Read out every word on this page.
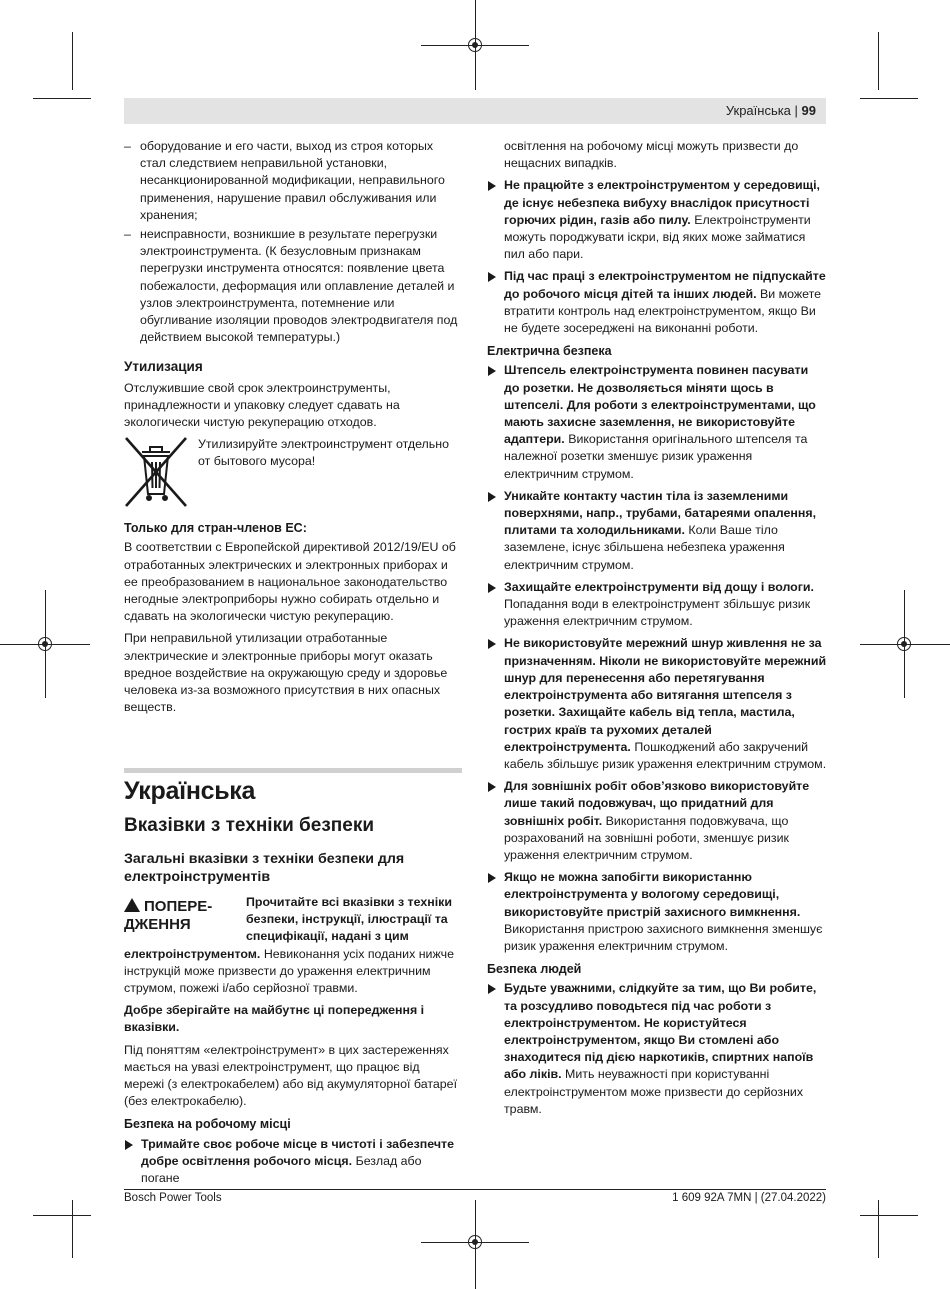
Українська | 99
– оборудование и его части, выход из строя которых стал следствием неправильной установки, несанкционированной модификации, неправильного применения, нарушение правил обслуживания или хранения;
– неисправности, возникшие в результате перегрузки электроинструмента. (К безусловным признакам перегрузки инструмента относятся: появление цвета побежалости, деформация или оплавление деталей и узлов электроинструмента, потемнение или обугливание изоляции проводов электродвигателя под действием высокой температуры.)
Утилизация

Отслужившие свой срок электроинструменты, принадлежности и упаковку следует сдавать на экологически чистую рекуперацию отходов.

Утилизируйте электроинструмент отдельно от бытового мусора!
Только для стран-членов ЕС:

В соответствии с Европейской директивой 2012/19/EU об отработанных электрических и электронных приборах и ее преобразованием в национальное законодательство негодные электроприборы нужно собирать отдельно и сдавать на экологически чистую рекуперацию.

При неправильной утилизации отработанные электрические и электронные приборы могут оказать вредное воздействие на окружающую среду и здоровье человека из-за возможного присутствия в них опасных веществ.

Українська
Вказівки з техніки безпеки
Загальні вказівки з техніки безпеки для електроінструментів
ПОПЕРЕ-ДЖЕННЯ

Прочитайте всі вказівки з техніки безпеки, інструкції, ілюстрації та специфікації, надані з цим електроінструментом. Невиконання усіх поданих нижче інструкцій може призвести до ураження електричним струмом, пожежі і/або серйозної травми.

Добре зберігайте на майбутнє ці попередження і вказівки.

Під поняттям «електроінструмент» в цих застереженнях мається на увазі електроінструмент, що працює від мережі (з електрокабелем) або від акумуляторної батареї (без електрокабелю).

Безпека на робочому місці
Тримайте своє робоче місце в чистоті і забезпечте добре освітлення робочого місця. Безлад або погане

освітлення на робочому місці можуть призвести до нещасних випадків.

Не працюйте з електроінструментом у середовищі, де існує небезпека вибуху внаслідок присутності горючих рідин, газів або пилу. Електроінструменти можуть породжувати іскри, від яких може займатися пил або пари.
Під час праці з електроінструментом не підпускайте до робочого місця дітей та інших людей. Ви можете втратити контроль над електроінструментом, якщо Ви не будете зосереджені на виконанні роботи.
Електрична безпека
Штепсель електроінструмента повинен пасувати до розетки. Не дозволяється міняти щось в штепселі. Для роботи з електроінструментами, що мають захисне заземлення, не використовуйте адаптери. Використання оригінального штепселя та належної розетки зменшує ризик ураження електричним струмом.
Уникайте контакту частин тіла із заземленими поверхнями, напр., трубами, батареями опалення, плитами та холодильниками. Коли Ваше тіло заземлене, існує збільшена небезпека ураження електричним струмом.
Захищайте електроінструменти від дощу і вологи. Попадання води в електроінструмент збільшує ризик ураження електричним струмом.
Не використовуйте мережний шнур живлення не за призначенням. Ніколи не використовуйте мережний шнур для перенесення або перетягування електроінструмента або витягання штепселя з розетки. Захищайте кабель від тепла, мастила, гострих країв та рухомих деталей електроінструмента. Пошкоджений або закручений кабель збільшує ризик ураження електричним струмом.
Для зовнішніх робіт обов’язково використовуйте лише такий подовжувач, що придатний для зовнішніх робіт. Використання подовжувача, що розрахований на зовнішні роботи, зменшує ризик ураження електричним струмом.
Якщо не можна запобігти використанню електроінструмента у вологому середовищі, використовуйте пристрій захисного вимкнення. Використання пристрою захисного вимкнення зменшує ризик ураження електричним струмом.
Безпека людей
Будьте уважними, слідкуйте за тим, що Ви робите, та розсудливо поводьтеся під час роботи з електроінструментом. Не користуйтеся електроінструментом, якщо Ви стомлені або знаходитеся під дією наркотиків, спиртних напоїв або ліків. Мить неуважності при користуванні електроінструментом може призвести до серйозних травм.
Bosch Power Tools	1 609 92A 7MN | (27.04.2022)
